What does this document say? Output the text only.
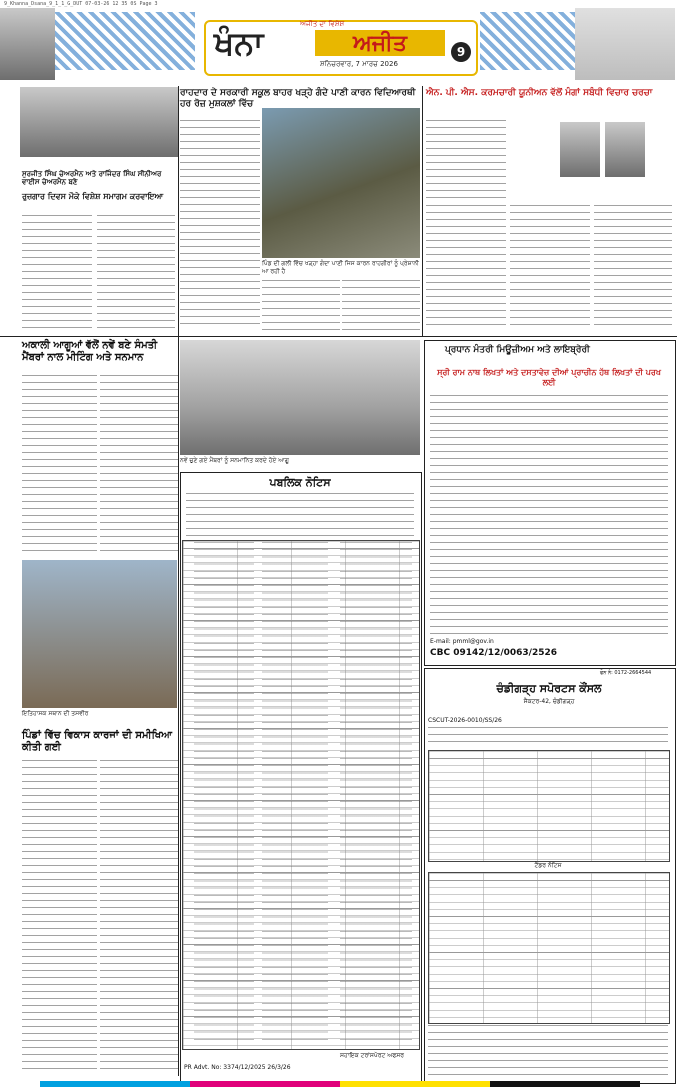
9_Khanna_Dsana_9_1_1_G_DUT 07-03-26 12 35 0S Page 3
ਖੰਨਾ	ਅਜੀਤ
ਅਜੀਤ ਦਾ ਵਿਸ਼ੇਸ਼
ਸ਼ਨਿਚਰਵਾਰ, 7 ਮਾਰਚ 2026
9
ਰੁਜ਼ਗਾਰ ਦਿਵਸ ਮੌਕੇ ਵਿਸ਼ੇਸ਼ ਸਮਾਗਮ ਕਰਵਾਇਆ
ਰਾਹਦਾਰ ਦੇ ਸਰਕਾਰੀ ਸਕੂਲ ਬਾਹਰ ਖੜ੍ਹੇ ਗੰਦੇ ਪਾਣੀ ਕਾਰਨ ਵਿਦਿਆਰਥੀ ਹਰ ਰੋਜ਼ ਮੁਸ਼ਕਲਾਂ ਵਿੱਚ
ਪਿੰਡ ਦੀ ਗਲੀ ਵਿੱਚ ਖੜ੍ਹਾ ਗੰਦਾ ਪਾਣੀ ਜਿਸ ਕਾਰਨ ਰਾਹਗੀਰਾਂ ਨੂੰ ਪ੍ਰੇਸ਼ਾਨੀ ਆ ਰਹੀ ਹੈ
ਐਨ. ਪੀ. ਐਸ. ਕਰਮਚਾਰੀ ਯੂਨੀਅਨ ਵੱਲੋਂ ਮੰਗਾਂ ਸਬੰਧੀ ਵਿਚਾਰ ਚਰਚਾ
ਸੁਰਜੀਤ ਸਿੰਘ ਚੇਅਰਮੈਨ ਅਤੇ ਰਾਜਿੰਦਰ ਸਿੰਘ ਸੀਨੀਅਰ ਵਾਈਸ ਚੇਅਰਮੈਨ ਬਣੇ
ਅਕਾਲੀ ਆਗੂਆਂ ਵੱਲੋਂ ਨਵੇਂ ਬਣੇ ਸੰਮਤੀ ਮੈਂਬਰਾਂ ਨਾਲ ਮੀਟਿੰਗ ਅਤੇ ਸਨਮਾਨ
ਨਵੇਂ ਚੁਣੇ ਗਏ ਮੈਂਬਰਾਂ ਨੂੰ ਸਨਮਾਨਿਤ ਕਰਦੇ ਹੋਏ ਆਗੂ
ਇਤਿਹਾਸਕ ਸਥਾਨ ਦੀ ਤਸਵੀਰ
ਪਿੰਡਾਂ ਵਿੱਚ ਵਿਕਾਸ ਕਾਰਜਾਂ ਦੀ ਸਮੀਖਿਆ ਕੀਤੀ ਗਈ
ਪਬਲਿਕ ਨੋਟਿਸ
PR Advt. No: 3374/12/2025 26/3/26
ਸਹਾਇਕ ਟਰਾਂਸਪੋਰਟ ਅਫਸਰ
ਪ੍ਰਧਾਨ ਮੰਤਰੀ ਮਿਊਜ਼ੀਅਮ ਅਤੇ ਲਾਇਬ੍ਰੇਰੀ
ਸ੍ਰੀ ਰਾਮ ਨਾਥ ਲਿਖਤਾਂ ਅਤੇ ਦਸਤਾਵੇਜ਼ ਦੀਆਂ ਪ੍ਰਾਚੀਨ ਹੱਥ ਲਿਖਤਾਂ ਦੀ ਪਰਖ ਲਈ
E-mail: pmml@gov.in
CBC 09142/12/0063/2526
ਫੋਨ ਨੰ: 0172-2664544
ਚੰਡੀਗੜ੍ਹ ਸਪੋਰਟਸ ਕੌਂਸਲ
ਸੈਕਟਰ-42, ਚੰਡੀਗੜ੍ਹ
CSCUT-2026-0010/SS/26
ਟੈਂਡਰ ਨੋਟਿਸ
